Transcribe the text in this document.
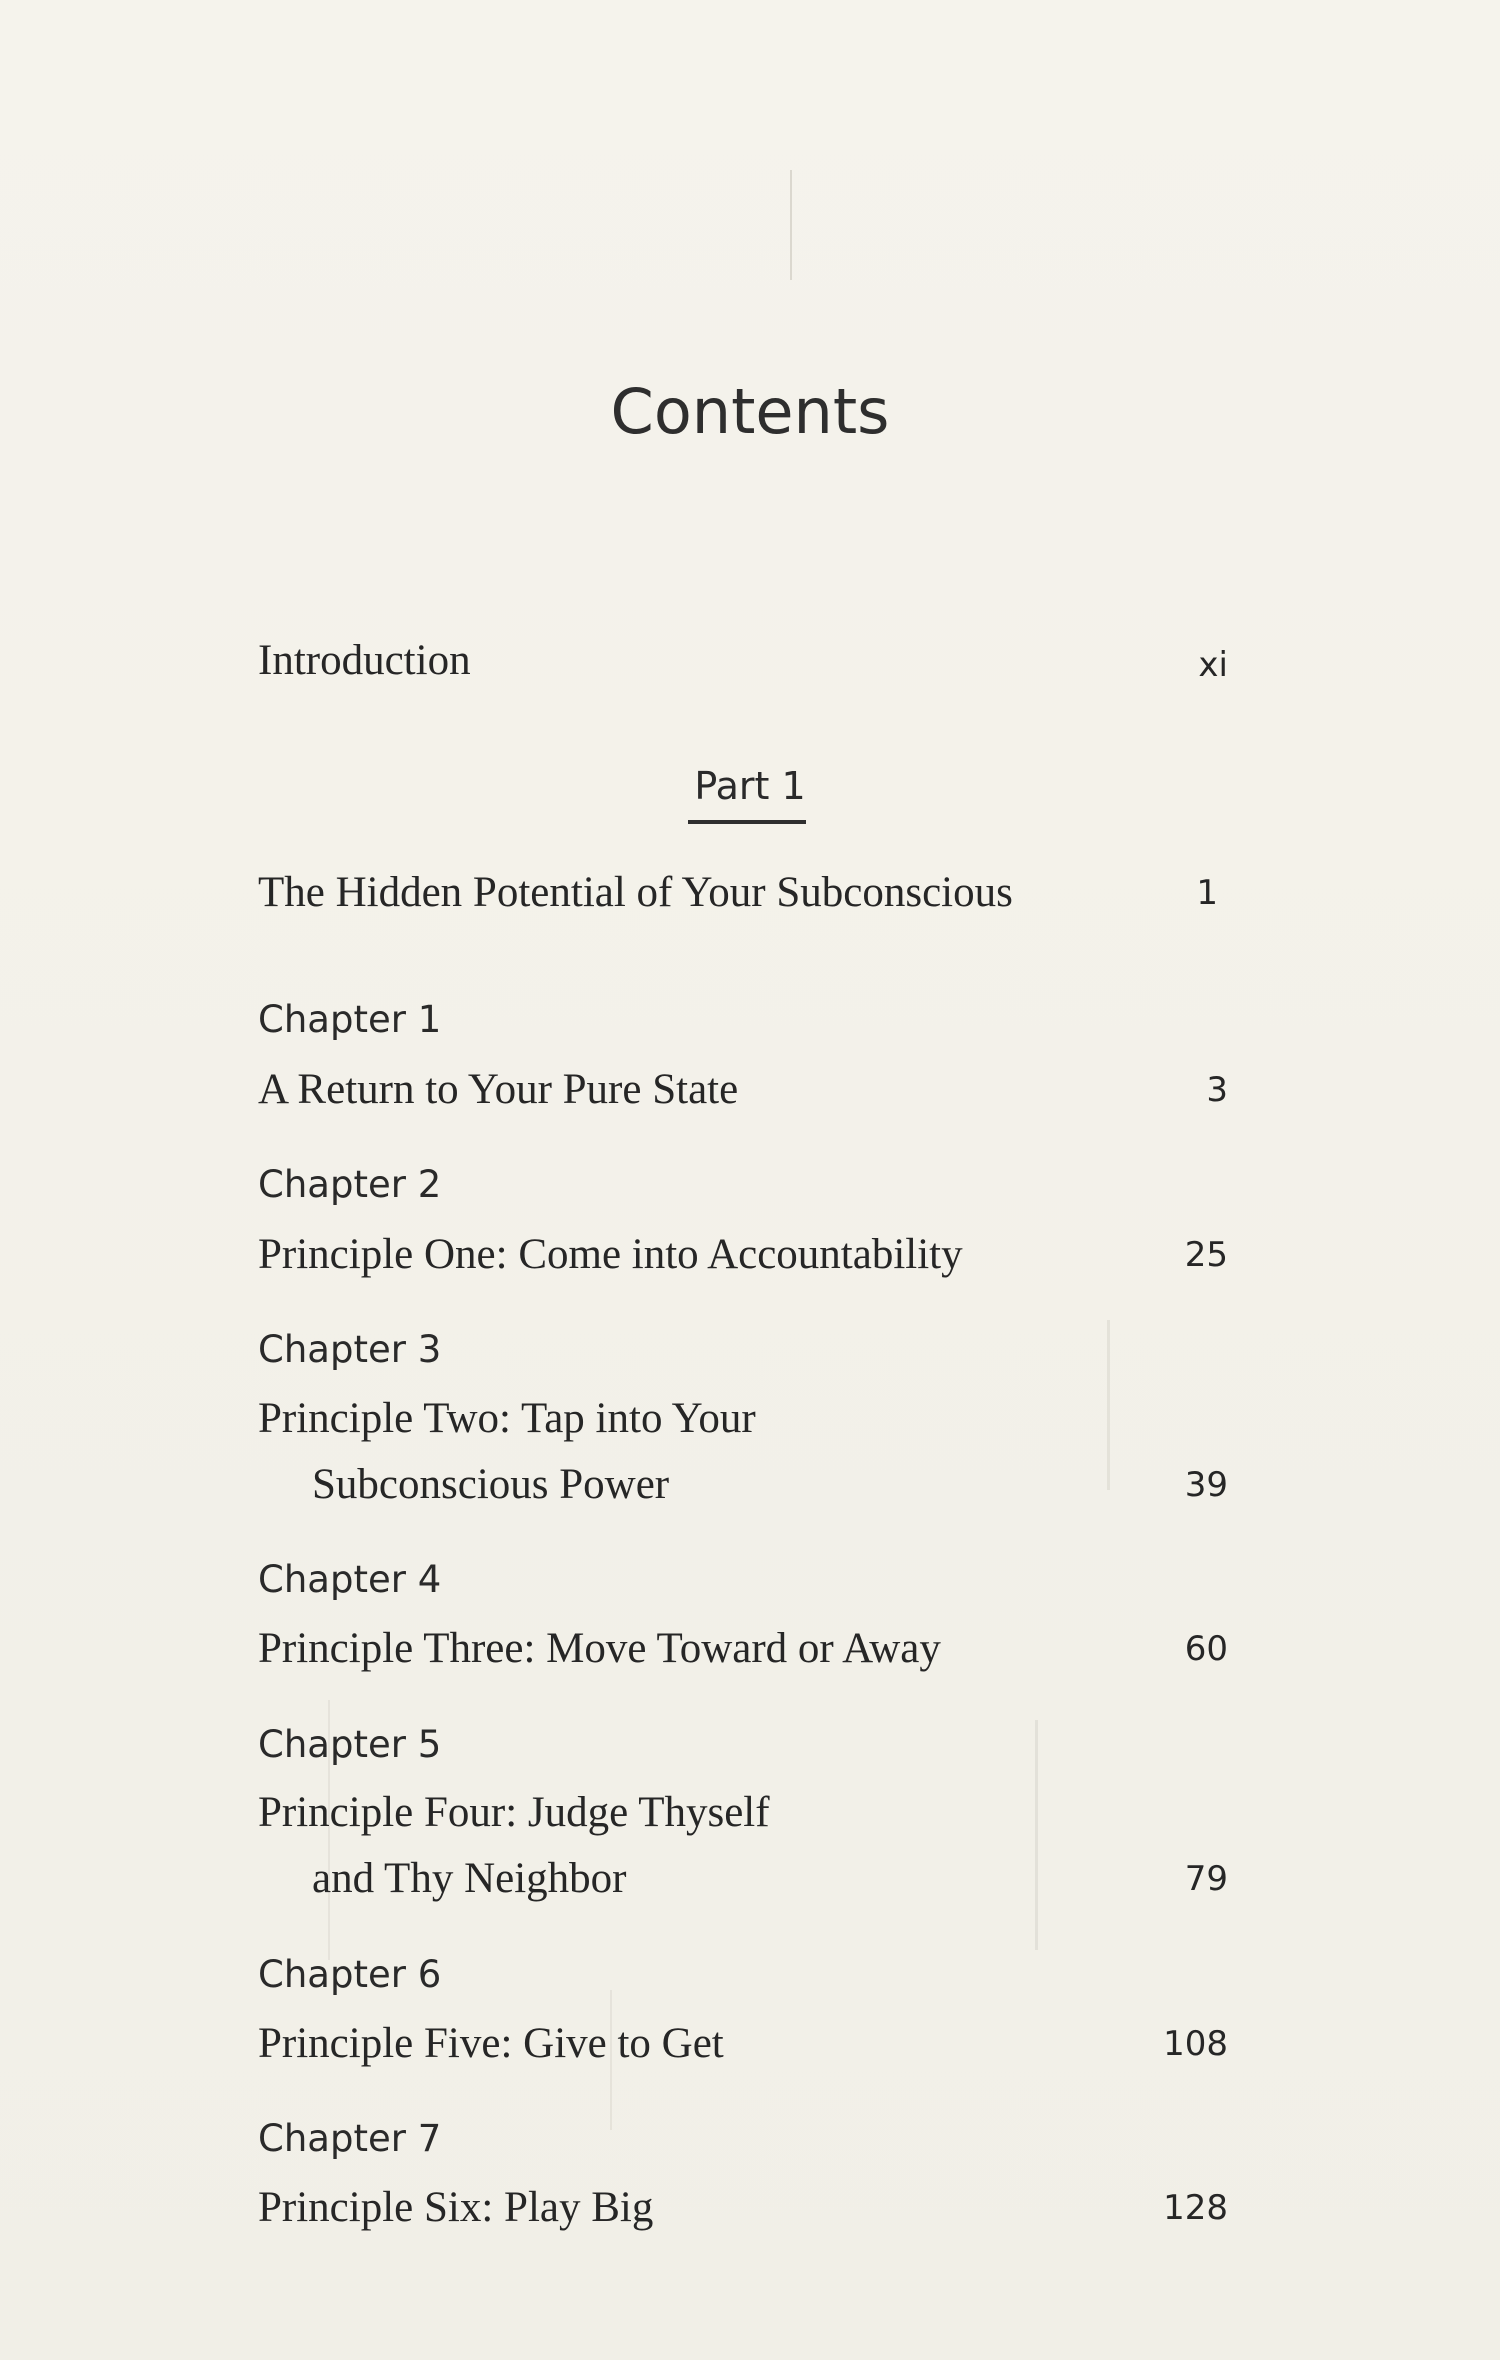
Contents
Introduction	xi
Part 1
The Hidden Potential of Your Subconscious	1
Chapter 1
A Return to Your Pure State	3
Chapter 2
Principle One: Come into Accountability	25
Chapter 3
Principle Two: Tap into Your
Subconscious Power	39
Chapter 4
Principle Three: Move Toward or Away	60
Chapter 5
Principle Four: Judge Thyself
and Thy Neighbor	79
Chapter 6
Principle Five: Give to Get	108
Chapter 7
Principle Six: Play Big	128
